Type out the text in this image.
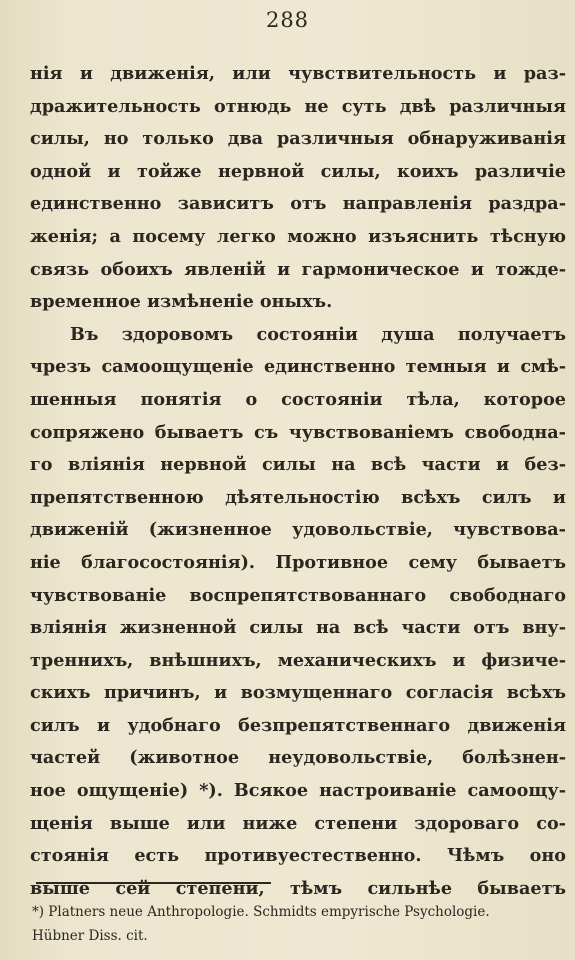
288
нія и движенія, или чувствительность и раз-
дражительность отнюдь не суть двѣ различныя
силы, но только два различныя обнаруживанія
одной и тойже нервной силы, коихъ различіе
единственно зависитъ отъ направленія раздра-
женія; а посему легко можно изъяснить тѣсную
связь обоихъ явленій и гармоническое и тожде-
временное измѣненіе оныхъ.
Въ здоровомъ состояніи душа получаетъ
чрезъ самоощущеніе единственно темныя и смѣ-
шенныя понятія о состояніи тѣла, которое
сопряжено бываетъ съ чувствованіемъ свободна-
го вліянія нервной силы на всѣ части и без-
препятственною дѣятельностію всѣхъ силъ и
движеній (жизненное удовольствіе, чувствова-
ніе благосостоянія). Противное сему бываетъ
чувствованіе воспрепятствованнаго свободнаго
вліянія жизненной силы на всѣ части отъ вну-
треннихъ, внѣшнихъ, механическихъ и физиче-
скихъ причинъ, и возмущеннаго согласія всѣхъ
силъ и удобнаго безпрепятственнаго движенія
частей (животное неудовольствіе, болѣзнен-
ное ощущеніе) *). Всякое настроиваніе самоощу-
щенія выше или ниже степени здороваго со-
стоянія есть противуестественно. Чѣмъ оно
выше сей степени, тѣмъ сильнѣе бываетъ
*) Platners neue Anthropologie. Schmidts empyrische Psychologie.
Hübner Diss. cit.
